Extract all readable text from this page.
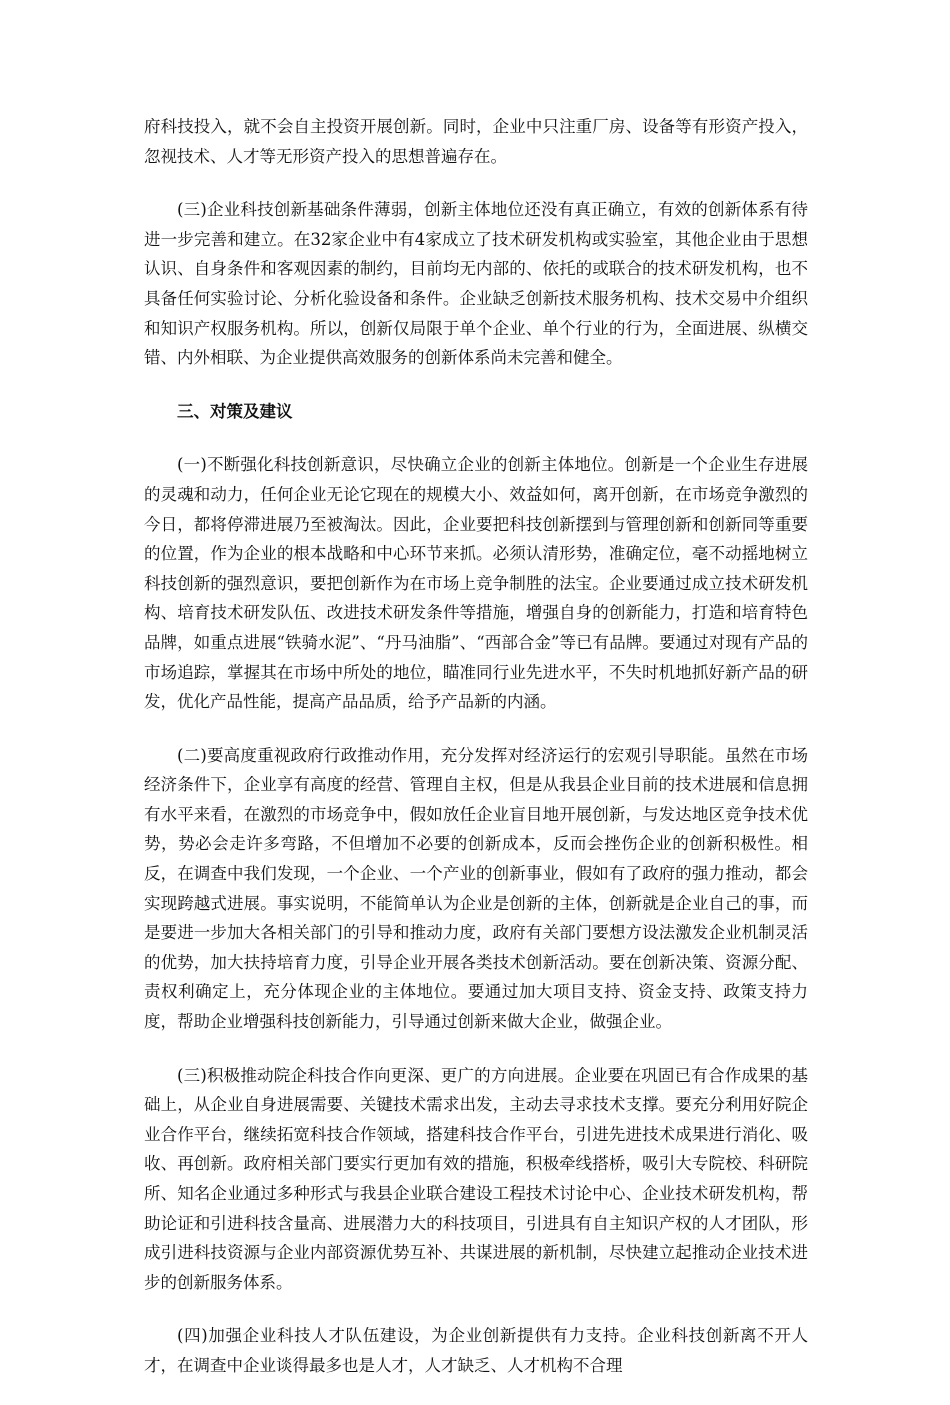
府科技投入，就不会自主投资开展创新。同时，企业中只注重厂房、设备等有形资产投入，忽视技术、人才等无形资产投入的思想普遍存在。

(三)企业科技创新基础条件薄弱，创新主体地位还没有真正确立，有效的创新体系有待进一步完善和建立。在32家企业中有4家成立了技术研发机构或实验室，其他企业由于思想认识、自身条件和客观因素的制约，目前均无内部的、依托的或联合的技术研发机构，也不具备任何实验讨论、分析化验设备和条件。企业缺乏创新技术服务机构、技术交易中介组织和知识产权服务机构。所以，创新仅局限于单个企业、单个行业的行为，全面进展、纵横交错、内外相联、为企业提供高效服务的创新体系尚未完善和健全。

三、对策及建议

(一)不断强化科技创新意识，尽快确立企业的创新主体地位。创新是一个企业生存进展的灵魂和动力，任何企业无论它现在的规模大小、效益如何，离开创新，在市场竞争激烈的今日，都将停滞进展乃至被淘汰。因此，企业要把科技创新摆到与管理创新和创新同等重要的位置，作为企业的根本战略和中心环节来抓。必须认清形势，准确定位，毫不动摇地树立科技创新的强烈意识，要把创新作为在市场上竞争制胜的法宝。企业要通过成立技术研发机构、培育技术研发队伍、改进技术研发条件等措施，增强自身的创新能力，打造和培育特色品牌，如重点进展“铁骑水泥”、“丹马油脂”、“西部合金”等已有品牌。要通过对现有产品的市场追踪，掌握其在市场中所处的地位，瞄准同行业先进水平，不失时机地抓好新产品的研发，优化产品性能，提高产品品质，给予产品新的内涵。

(二)要高度重视政府行政推动作用，充分发挥对经济运行的宏观引导职能。虽然在市场经济条件下，企业享有高度的经营、管理自主权，但是从我县企业目前的技术进展和信息拥有水平来看，在激烈的市场竞争中，假如放任企业盲目地开展创新，与发达地区竞争技术优势，势必会走许多弯路，不但增加不必要的创新成本，反而会挫伤企业的创新积极性。相反，在调查中我们发现，一个企业、一个产业的创新事业，假如有了政府的强力推动，都会实现跨越式进展。事实说明，不能简单认为企业是创新的主体，创新就是企业自己的事，而是要进一步加大各相关部门的引导和推动力度，政府有关部门要想方设法激发企业机制灵活的优势，加大扶持培育力度，引导企业开展各类技术创新活动。要在创新决策、资源分配、责权利确定上，充分体现企业的主体地位。要通过加大项目支持、资金支持、政策支持力度，帮助企业增强科技创新能力，引导通过创新来做大企业，做强企业。

(三)积极推动院企科技合作向更深、更广的方向进展。企业要在巩固已有合作成果的基础上，从企业自身进展需要、关键技术需求出发，主动去寻求技术支撑。要充分利用好院企业合作平台，继续拓宽科技合作领域，搭建科技合作平台，引进先进技术成果进行消化、吸收、再创新。政府相关部门要实行更加有效的措施，积极牵线搭桥，吸引大专院校、科研院所、知名企业通过多种形式与我县企业联合建设工程技术讨论中心、企业技术研发机构，帮助论证和引进科技含量高、进展潜力大的科技项目，引进具有自主知识产权的人才团队，形成引进科技资源与企业内部资源优势互补、共谋进展的新机制，尽快建立起推动企业技术进步的创新服务体系。

(四)加强企业科技人才队伍建设，为企业创新提供有力支持。企业科技创新离不开人才，在调查中企业谈得最多也是人才，人才缺乏、人才机构不合理
